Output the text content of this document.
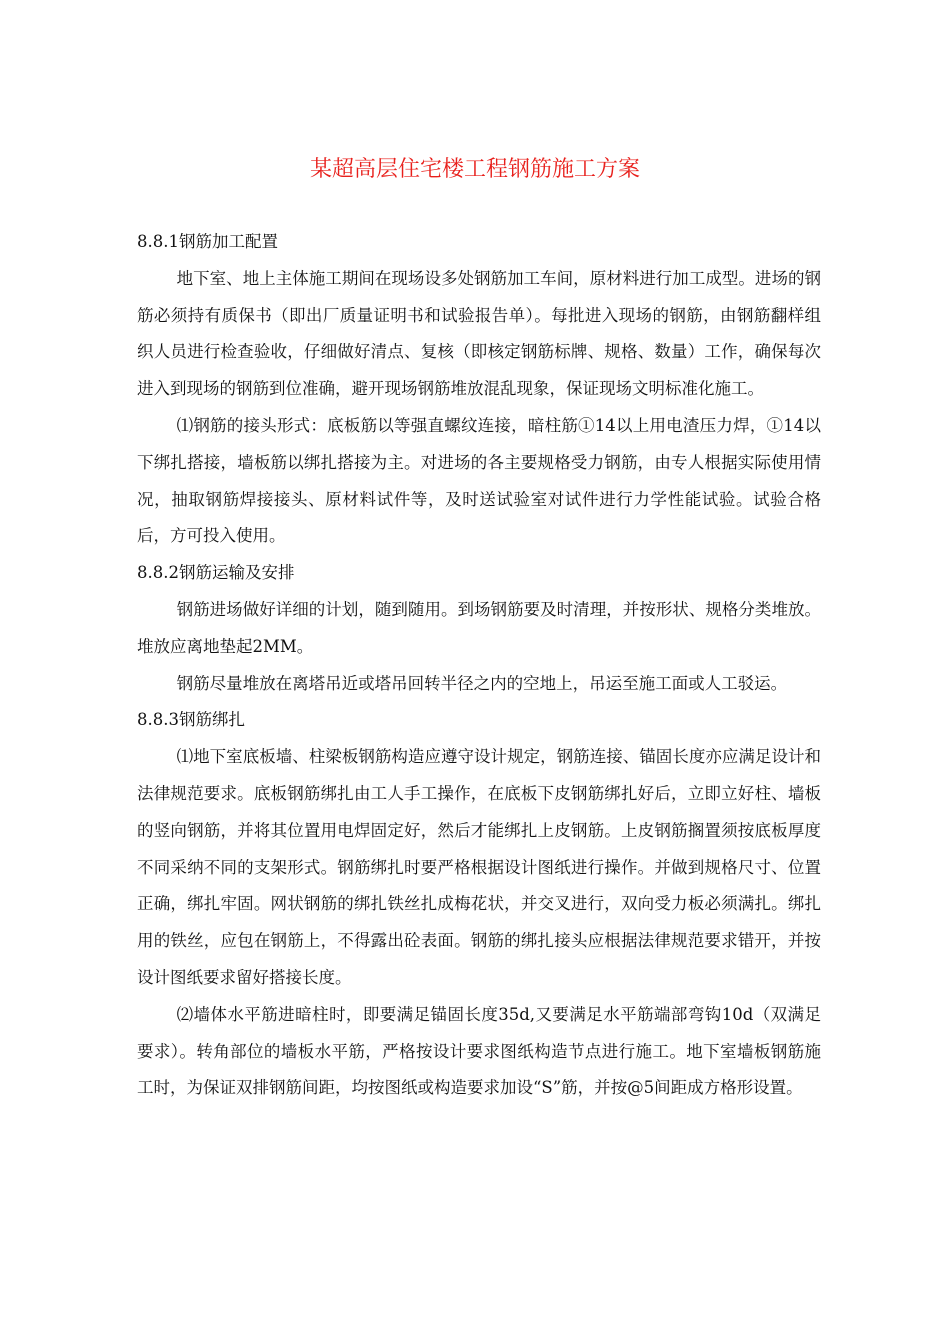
某超高层住宅楼工程钢筋施工方案

8.8.1钢筋加工配置

地下室、地上主体施工期间在现场设多处钢筋加工车间，原材料进行加工成型。进场的钢筋必须持有质保书（即出厂质量证明书和试验报告单）。每批进入现场的钢筋，由钢筋翻样组织人员进行检查验收，仔细做好清点、复核（即核定钢筋标牌、规格、数量）工作，确保每次进入到现场的钢筋到位准确，避开现场钢筋堆放混乱现象，保证现场文明标准化施工。

⑴钢筋的接头形式：底板筋以等强直螺纹连接，暗柱筋①14以上用电渣压力焊，①14以下绑扎搭接，墙板筋以绑扎搭接为主。对进场的各主要规格受力钢筋，由专人根据实际使用情况，抽取钢筋焊接接头、原材料试件等，及时送试验室对试件进行力学性能试验。试验合格后，方可投入使用。

8.8.2钢筋运输及安排

钢筋进场做好详细的计划，随到随用。到场钢筋要及时清理，并按形状、规格分类堆放。堆放应离地垫起2MM。

钢筋尽量堆放在离塔吊近或塔吊回转半径之内的空地上，吊运至施工面或人工驳运。

8.8.3钢筋绑扎

⑴地下室底板墙、柱梁板钢筋构造应遵守设计规定，钢筋连接、锚固长度亦应满足设计和法律规范要求。底板钢筋绑扎由工人手工操作，在底板下皮钢筋绑扎好后，立即立好柱、墙板的竖向钢筋，并将其位置用电焊固定好，然后才能绑扎上皮钢筋。上皮钢筋搁置须按底板厚度不同采纳不同的支架形式。钢筋绑扎时要严格根据设计图纸进行操作。并做到规格尺寸、位置正确，绑扎牢固。网状钢筋的绑扎铁丝扎成梅花状，并交叉进行，双向受力板必须满扎。绑扎用的铁丝，应包在钢筋上，不得露出砼表面。钢筋的绑扎接头应根据法律规范要求错开，并按设计图纸要求留好搭接长度。

⑵墙体水平筋进暗柱时，即要满足锚固长度35d,又要满足水平筋端部弯钩10d（双满足要求）。转角部位的墙板水平筋，严格按设计要求图纸构造节点进行施工。地下室墙板钢筋施工时，为保证双排钢筋间距，均按图纸或构造要求加设“S”筋，并按@5间距成方格形设置。
